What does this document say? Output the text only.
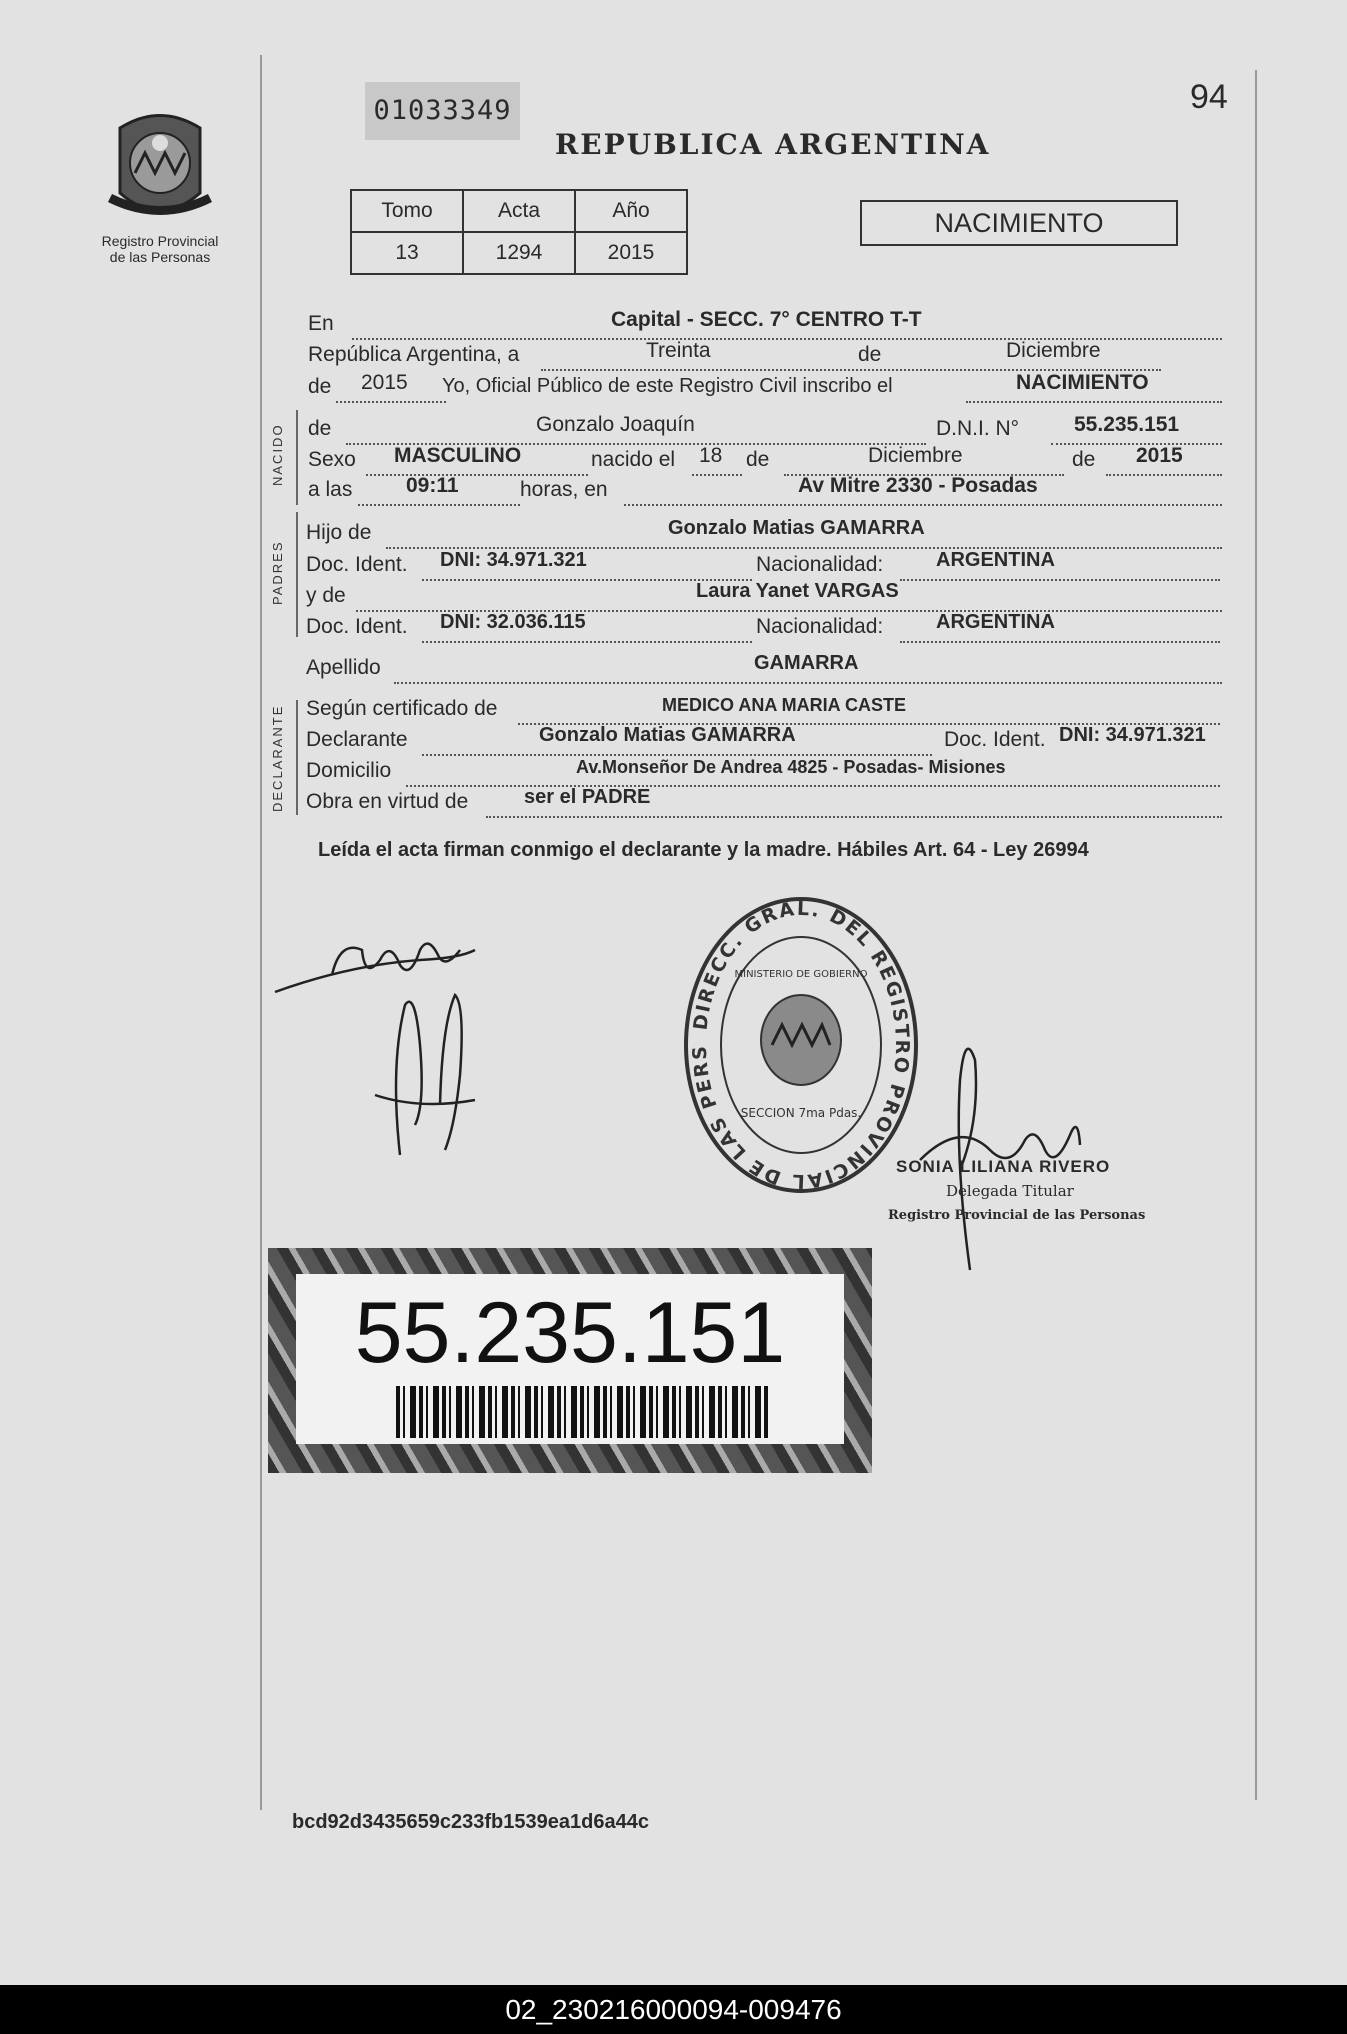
Registro Provincial
de las Personas
01033349	94
REPUBLICA ARGENTINA
Tomo	Acta	Año
13	1294	2015
NACIMIENTO
En	Capital - SECC. 7° CENTRO T-T
República Argentina, a	Treinta	de	Diciembre
de 2015 Yo, Oficial Público de este Registro Civil inscribo el	NACIMIENTO
NACIDO de	Gonzalo Joaquín	D.N.I. N°	55.235.151
Sexo MASCULINO	nacido el 18 de	Diciembre	de 2015
a las	09:11	horas, en	Av Mitre 2330 - Posadas
PADRES
Hijo de	Gonzalo Matias GAMARRA
Doc. Ident. DNI: 34.971.321	Nacionalidad:	ARGENTINA
y de	Laura Yanet VARGAS
Doc. Ident. DNI: 32.036.115	Nacionalidad:	ARGENTINA
Apellido	GAMARRA
DECLARANTE Según certificado de	MEDICO ANA MARIA CASTE
Declarante	Gonzalo Matias GAMARRA	Doc. Ident. DNI: 34.971.321
Domicilio	Av.Monseñor De Andrea 4825 - Posadas- Misiones
Obra en virtud de	ser el PADRE
Leída el acta firman conmigo el declarante y la madre. Hábiles Art. 64 - Ley 26994
DIRECC. GRAL. DEL REGISTRO PROVINCIAL DE LAS PERS
MINISTERIO DE GOBIERNO
SECCION 7ma Pdas.
SONIA LILIANA RIVERO
Delegada Titular
Registro Provincial de las Personas
55.235.151
bcd92d3435659c233fb1539ea1d6a44c
02_230216000094-009476
